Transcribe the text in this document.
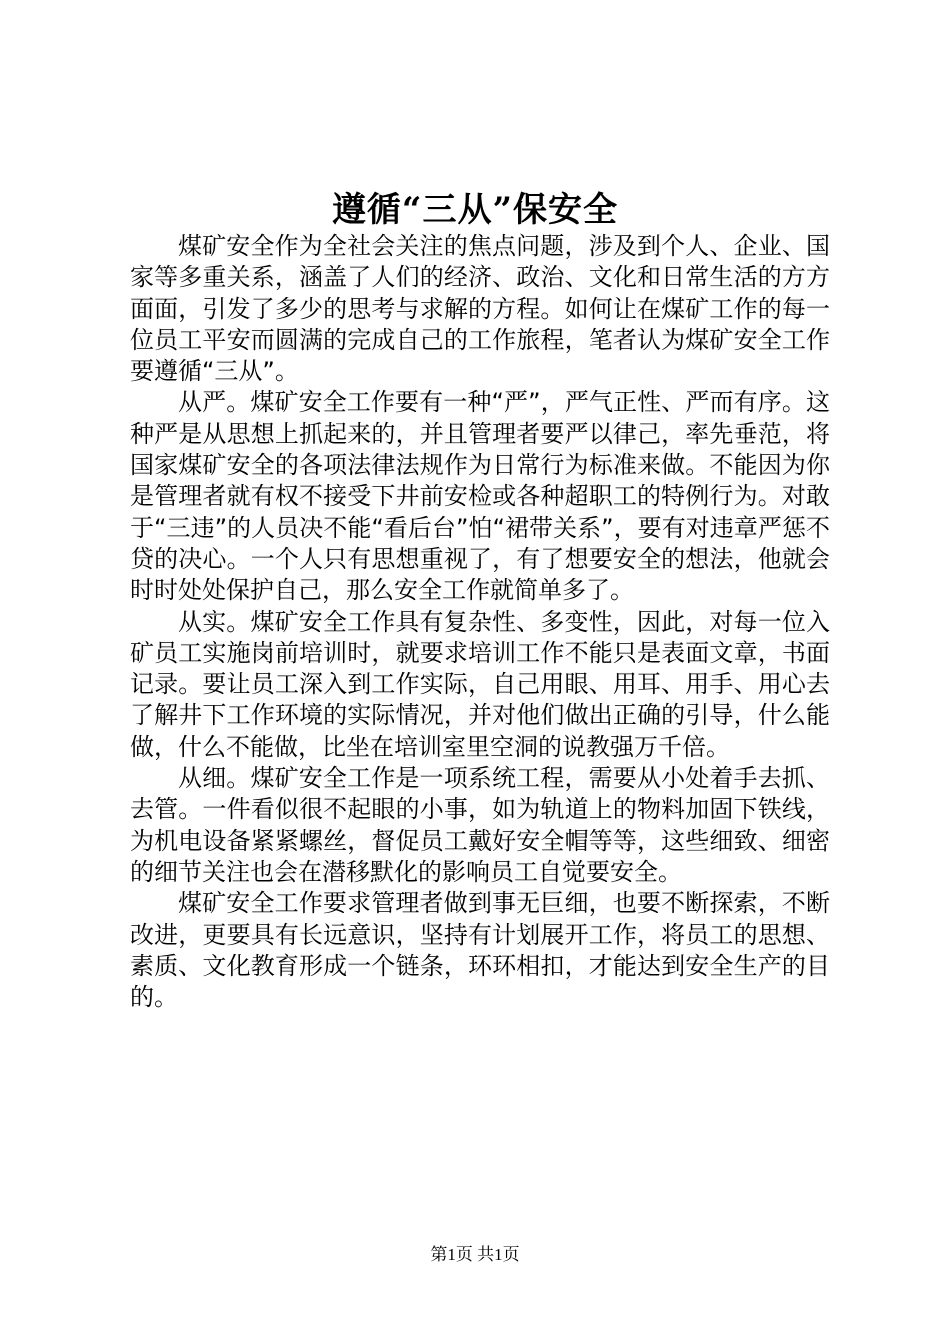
遵循“三从”保安全

煤矿安全作为全社会关注的焦点问题，涉及到个人、企业、国家等多重关系，涵盖了人们的经济、政治、文化和日常生活的方方面面，引发了多少的思考与求解的方程。如何让在煤矿工作的每一位员工平安而圆满的完成自己的工作旅程，笔者认为煤矿安全工作要遵循“三从”。

从严。煤矿安全工作要有一种“严”，严气正性、严而有序。这种严是从思想上抓起来的，并且管理者要严以律己，率先垂范，将国家煤矿安全的各项法律法规作为日常行为标准来做。不能因为你是管理者就有权不接受下井前安检或各种超职工的特例行为。对敢于“三违”的人员决不能“看后台”怕“裙带关系”，要有对违章严惩不贷的决心。一个人只有思想重视了，有了想要安全的想法，他就会时时处处保护自己，那么安全工作就简单多了。

从实。煤矿安全工作具有复杂性、多变性，因此，对每一位入矿员工实施岗前培训时，就要求培训工作不能只是表面文章，书面记录。要让员工深入到工作实际，自己用眼、用耳、用手、用心去了解井下工作环境的实际情况，并对他们做出正确的引导，什么能做，什么不能做，比坐在培训室里空洞的说教强万千倍。

从细。煤矿安全工作是一项系统工程，需要从小处着手去抓、去管。一件看似很不起眼的小事，如为轨道上的物料加固下铁线，为机电设备紧紧螺丝，督促员工戴好安全帽等等，这些细致、细密的细节关注也会在潜移默化的影响员工自觉要安全。

煤矿安全工作要求管理者做到事无巨细，也要不断探索，不断改进，更要具有长远意识，坚持有计划展开工作，将员工的思想、素质、文化教育形成一个链条，环环相扣，才能达到安全生产的目的。

第1页 共1页
